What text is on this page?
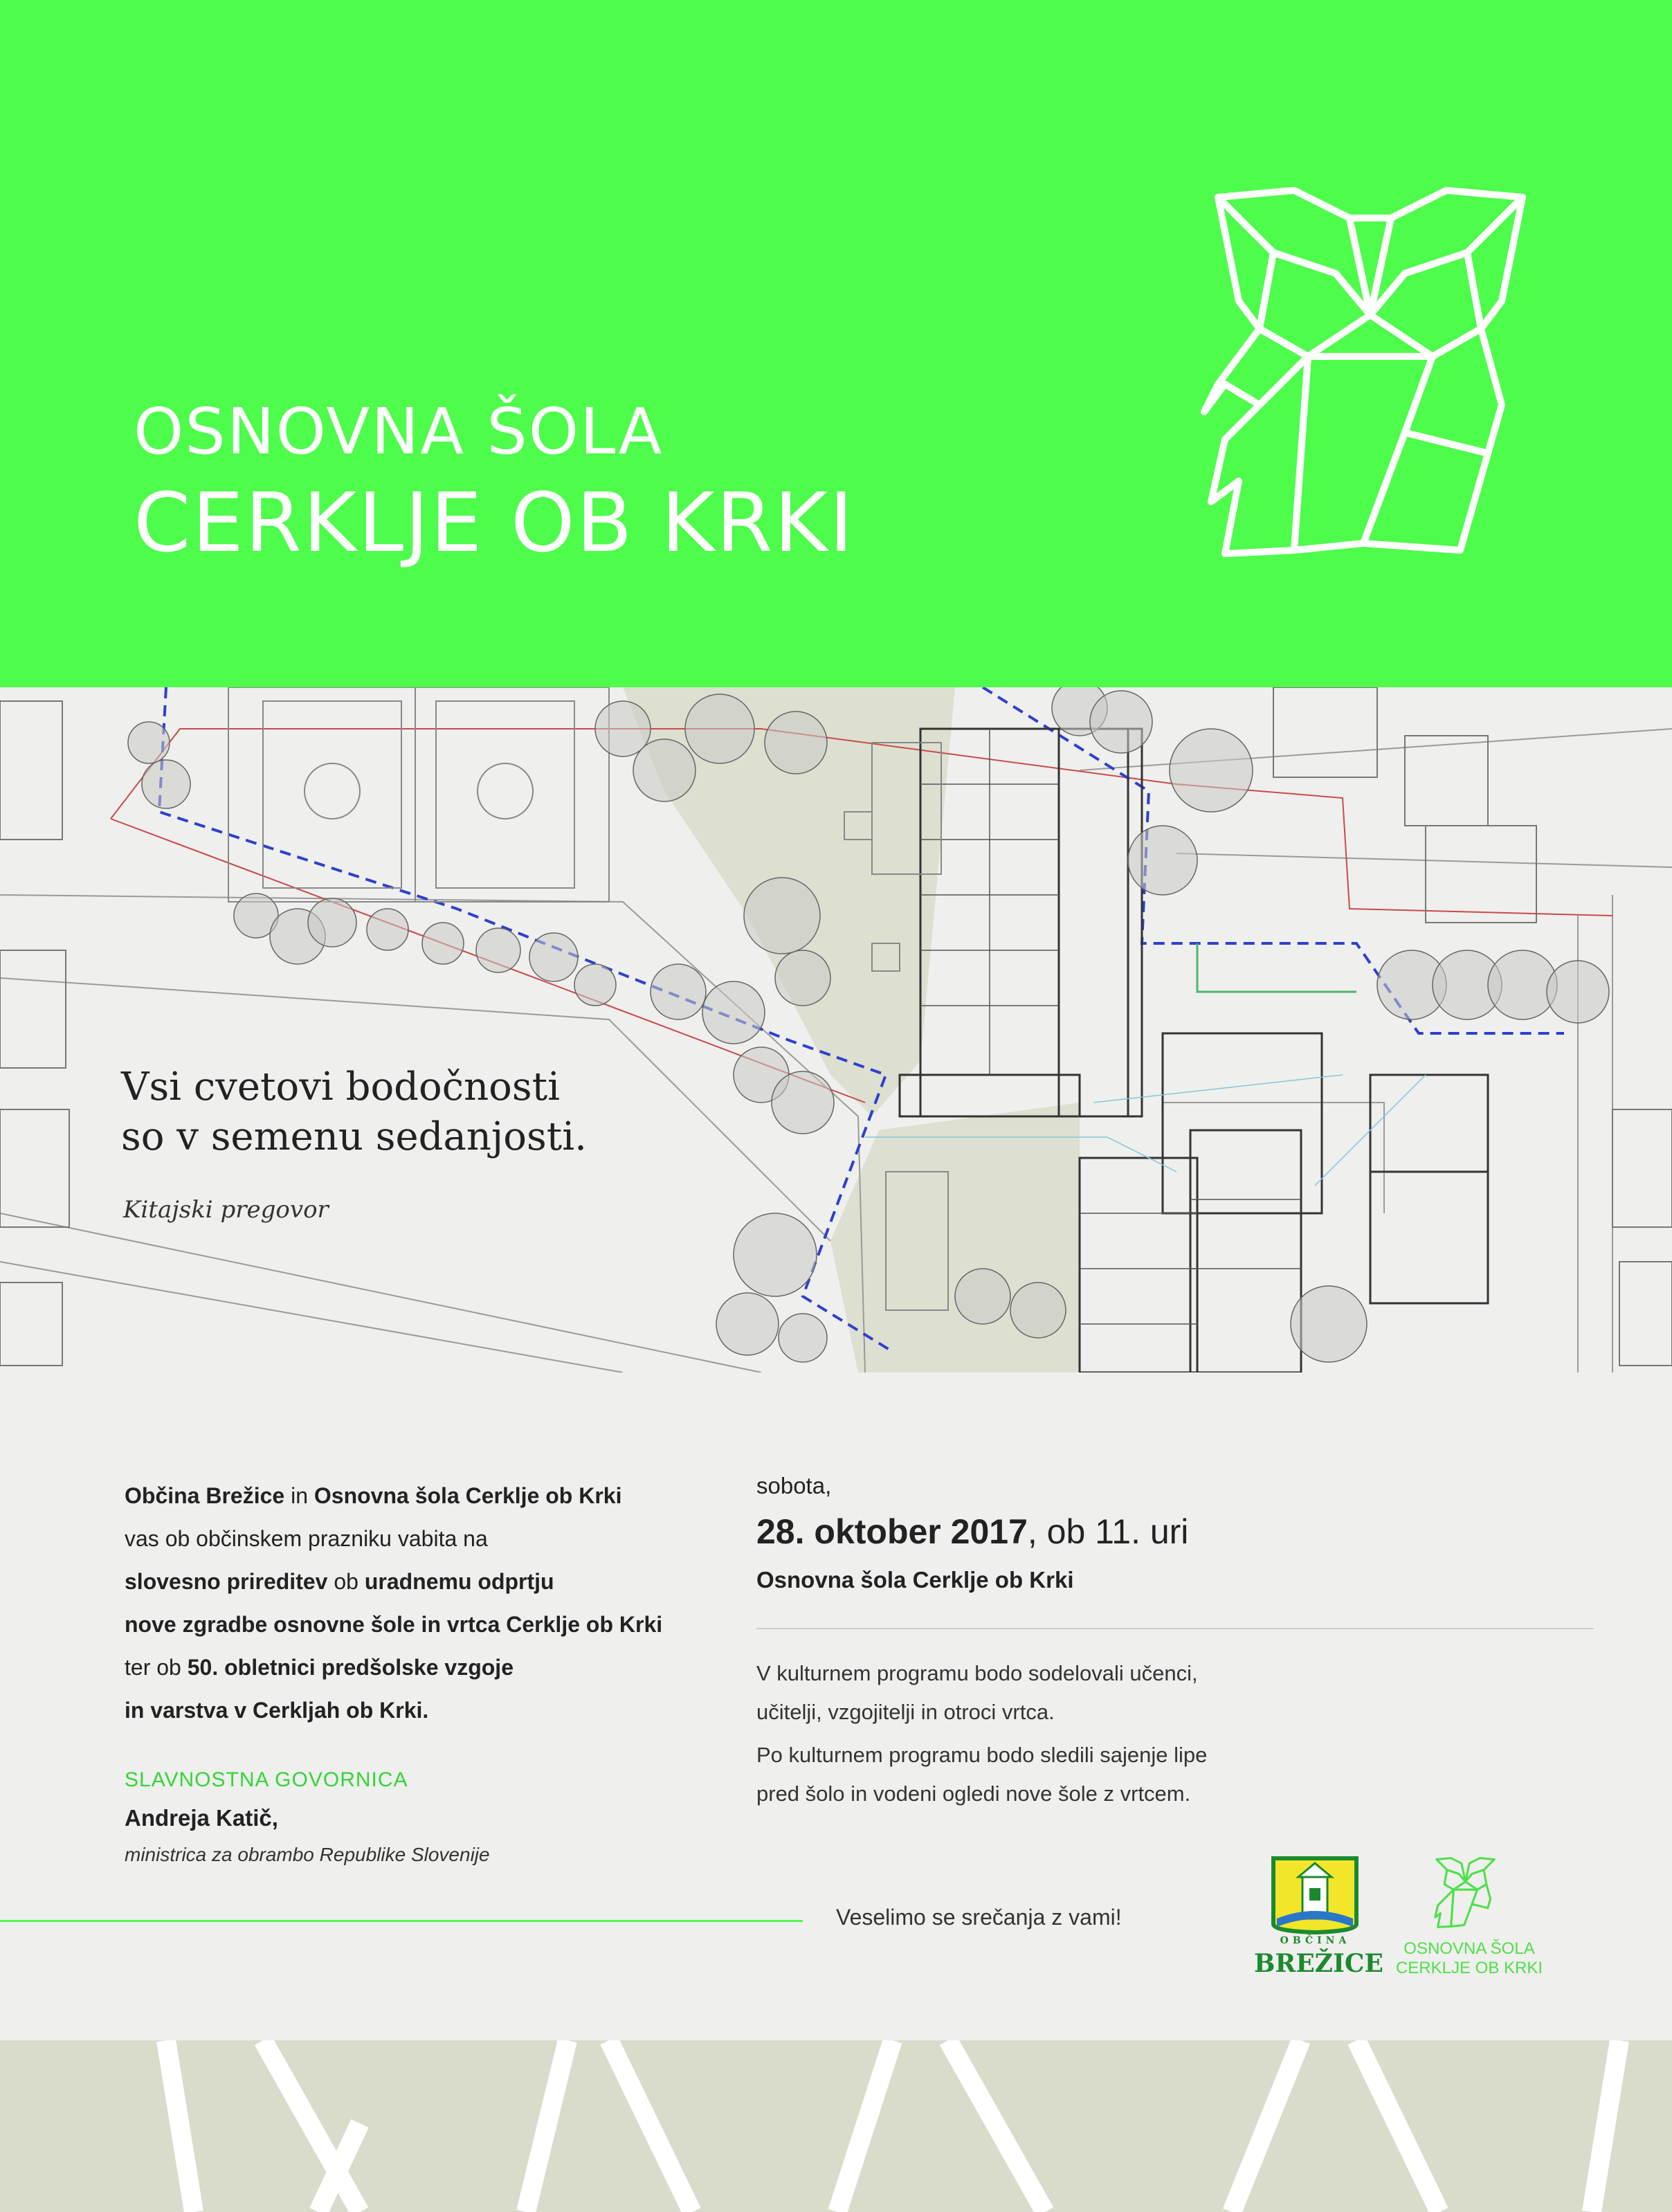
OSNOVNA ŠOLA
CERKLJE OB KRKI
Vsi cvetovi bodočnosti
so v semenu sedanjosti.
Kitajski pregovor
Občina Brežice in Osnovna šola Cerklje ob Krki
vas ob občinskem prazniku vabita na
slovesno prireditev ob uradnemu odprtju
nove zgradbe osnovne šole in vrtca Cerklje ob Krki
ter ob 50. obletnici predšolske vzgoje
in varstva v Cerkljah ob Krki.
SLAVNOSTNA GOVORNICA
Andreja Katič,
ministrica za obrambo Republike Slovenije
sobota,
28. oktober 2017, ob 11. uri
Osnovna šola Cerklje ob Krki

V kulturnem programu bodo sodelovali učenci,
učitelji, vzgojitelji in otroci vrtca.

Po kulturnem programu bodo sledili sajenje lipe
pred šolo in vodeni ogledi nove šole z vrtcem.

Veselimo se srečanja z vami!
OBČINA
BREŽICE
OSNOVNA ŠOLA
CERKLJE OB KRKI
